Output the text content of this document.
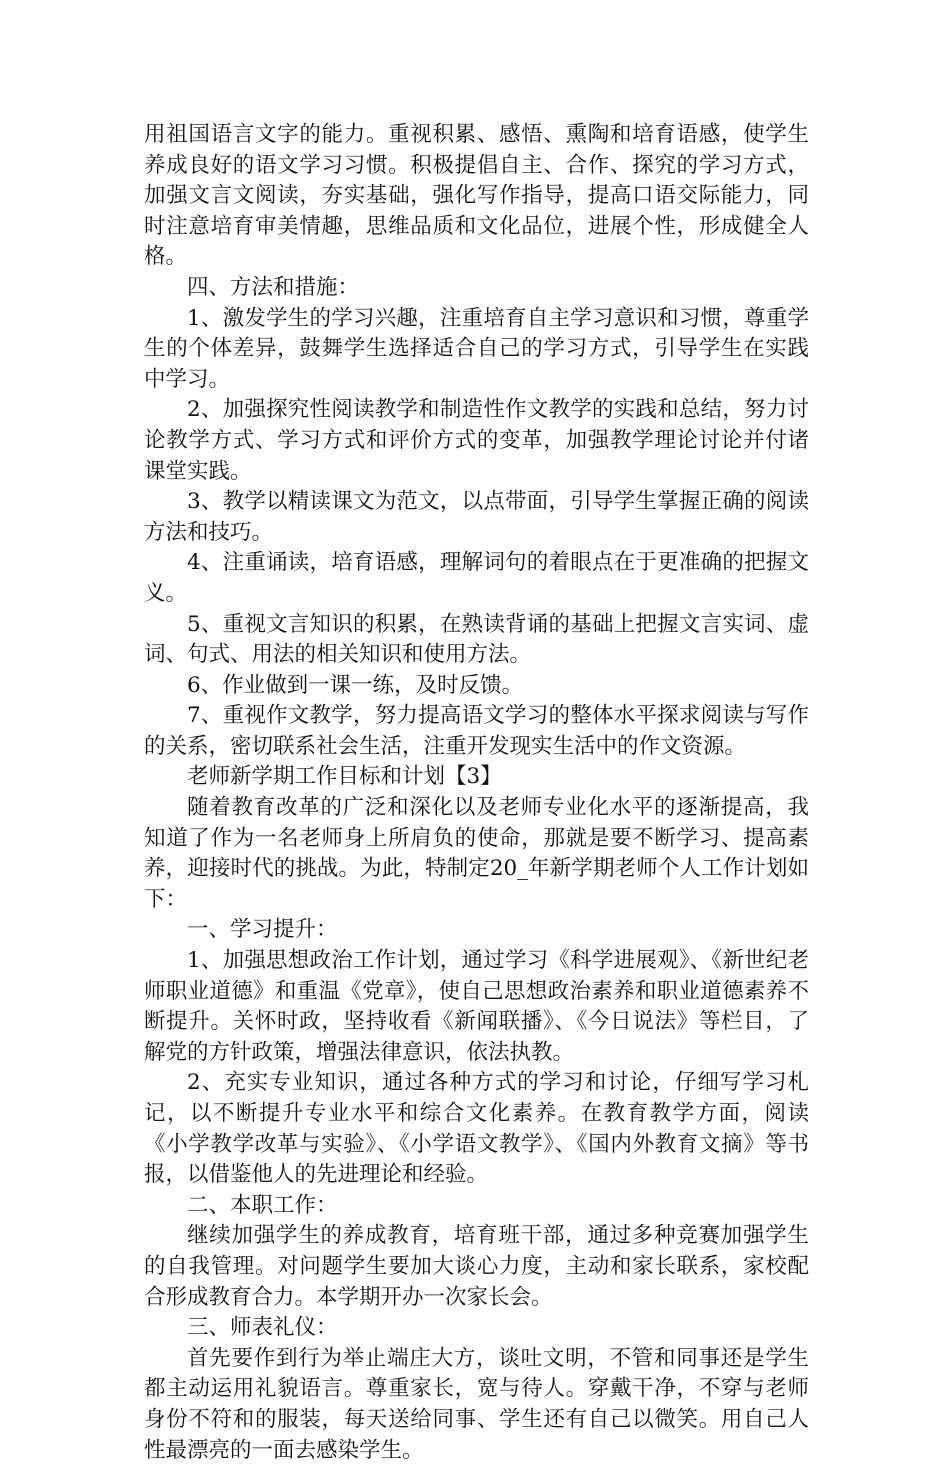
用祖国语言文字的能力。重视积累、感悟、熏陶和培育语感，使学生养成良好的语文学习习惯。积极提倡自主、合作、探究的学习方式，加强文言文阅读，夯实基础，强化写作指导，提高口语交际能力，同时注意培育审美情趣，思维品质和文化品位，进展个性，形成健全人格。

四、方法和措施：

1、激发学生的学习兴趣，注重培育自主学习意识和习惯，尊重学生的个体差异，鼓舞学生选择适合自己的学习方式，引导学生在实践中学习。

2、加强探究性阅读教学和制造性作文教学的实践和总结，努力讨论教学方式、学习方式和评价方式的变革，加强教学理论讨论并付诸课堂实践。

3、教学以精读课文为范文，以点带面，引导学生掌握正确的阅读方法和技巧。

4、注重诵读，培育语感，理解词句的着眼点在于更准确的把握文义。

5、重视文言知识的积累，在熟读背诵的基础上把握文言实词、虚词、句式、用法的相关知识和使用方法。

6、作业做到一课一练，及时反馈。

7、重视作文教学，努力提高语文学习的整体水平探求阅读与写作的关系，密切联系社会生活，注重开发现实生活中的作文资源。

老师新学期工作目标和计划【3】

随着教育改革的广泛和深化以及老师专业化水平的逐渐提高，我知道了作为一名老师身上所肩负的使命，那就是要不断学习、提高素养，迎接时代的挑战。为此，特制定20_年新学期老师个人工作计划如下：

一、学习提升：

1、加强思想政治工作计划，通过学习《科学进展观》、《新世纪老师职业道德》和重温《党章》，使自己思想政治素养和职业道德素养不断提升。关怀时政，坚持收看《新闻联播》、《今日说法》等栏目，了解党的方针政策，增强法律意识，依法执教。

2、充实专业知识，通过各种方式的学习和讨论，仔细写学习札记，以不断提升专业水平和综合文化素养。在教育教学方面，阅读《小学教学改革与实验》、《小学语文教学》、《国内外教育文摘》等书报，以借鉴他人的先进理论和经验。

二、本职工作：

继续加强学生的养成教育，培育班干部，通过多种竞赛加强学生的自我管理。对问题学生要加大谈心力度，主动和家长联系，家校配合形成教育合力。本学期开办一次家长会。

三、师表礼仪：

首先要作到行为举止端庄大方，谈吐文明，不管和同事还是学生都主动运用礼貌语言。尊重家长，宽与待人。穿戴干净，不穿与老师身份不符和的服装，每天送给同事、学生还有自己以微笑。用自己人性最漂亮的一面去感染学生。
